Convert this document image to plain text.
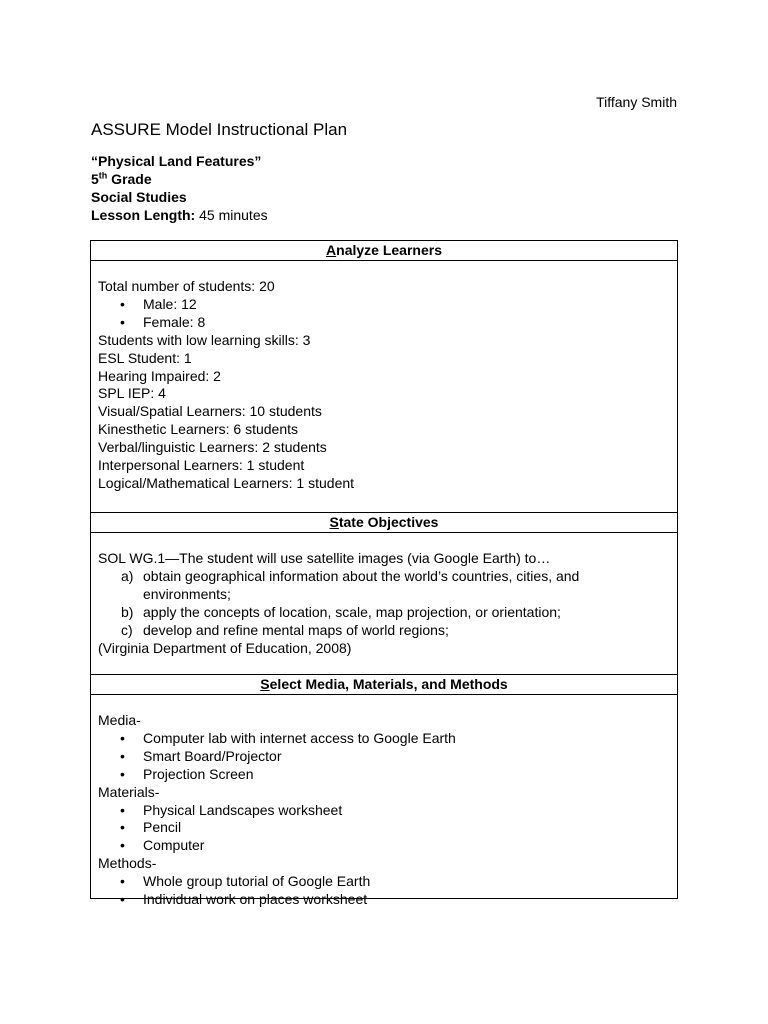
Tiffany Smith
ASSURE Model Instructional Plan
“Physical Land Features”
5th Grade
Social Studies
Lesson Length: 45 minutes
Analyze Learners
Total number of students: 20
• Male: 12
• Female: 8
Students with low learning skills: 3
ESL Student: 1
Hearing Impaired: 2
SPL IEP: 4
Visual/Spatial Learners: 10 students
Kinesthetic Learners: 6 students
Verbal/linguistic Learners: 2 students
Interpersonal Learners: 1 student
Logical/Mathematical Learners: 1 student
State Objectives
SOL WG.1—The student will use satellite images (via Google Earth) to…
a) obtain geographical information about the world’s countries, cities, and
environments;
b) apply the concepts of location, scale, map projection, or orientation;
c) develop and refine mental maps of world regions;
(Virginia Department of Education, 2008)
Select Media, Materials, and Methods
Media-
• Computer lab with internet access to Google Earth
• Smart Board/Projector
• Projection Screen
Materials-
• Physical Landscapes worksheet
• Pencil
• Computer
Methods-
• Whole group tutorial of Google Earth
• Individual work on places worksheet
